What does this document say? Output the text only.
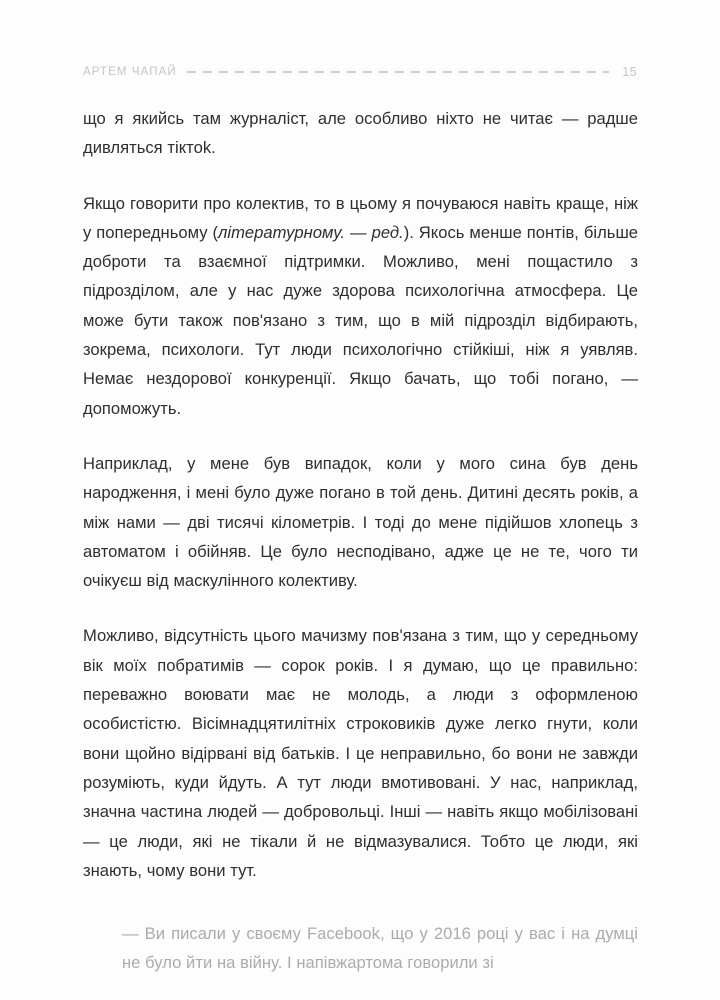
АРТЕМ ЧАПАЙ	15

що я якийсь там журналіст, але особливо ніхто не читає — радше дивляться тіктоk.

Якщо говорити про колектив, то в цьому я почуваюся навіть краще, ніж у попередньому (літературному. — ред.). Якось менше понтів, більше доброти та взаємної підтримки. Можливо, мені пощастило з підрозділом, але у нас дуже здорова психологічна атмосфера. Це може бути також пов'язано з тим, що в мій підрозділ відбирають, зокрема, психологи. Тут люди психологічно стійкіші, ніж я уявляв. Немає нездорової конкуренції. Якщо бачать, що тобі погано, — допоможуть.

Наприклад, у мене був випадок, коли у мого сина був день народження, і мені було дуже погано в той день. Дитині десять років, а між нами — дві тисячі кілометрів. І тоді до мене підійшов хлопець з автоматом і обійняв. Це було несподівано, адже це не те, чого ти очікуєш від маскулінного колективу.

Можливо, відсутність цього мачизму пов'язана з тим, що у середньому вік моїх побратимів — сорок років. І я думаю, що це правильно: переважно воювати має не молодь, а люди з оформленою особистістю. Вісімнадцятилітніх строковиків дуже легко гнути, коли вони щойно відірвані від батьків. І це неправильно, бо вони не завжди розуміють, куди йдуть. А тут люди вмотивовані. У нас, наприклад, значна частина людей — добровольці. Інші — навіть якщо мобілізовані — це люди, які не тікали й не відмазувалися. Тобто це люди, які знають, чому вони тут.

— Ви писали у своєму Facebook, що у 2016 році у вас і на думці не було йти на війну. І напівжартома говорили зі
